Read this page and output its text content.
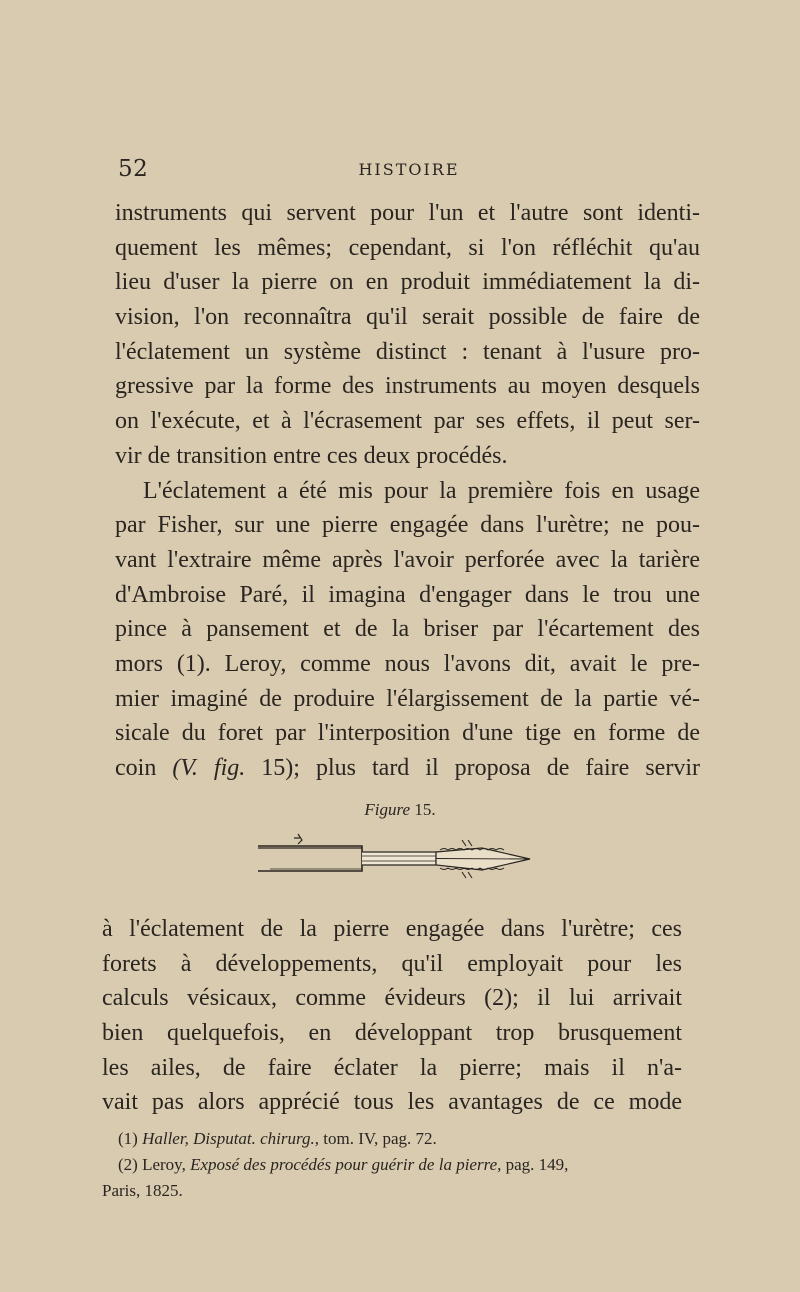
52	HISTOIRE
instruments qui servent pour l'un et l'autre sont identi-
quement les mêmes; cependant, si l'on réfléchit qu'au
lieu d'user la pierre on en produit immédiatement la di-
vision, l'on reconnaîtra qu'il serait possible de faire de
l'éclatement un système distinct : tenant à l'usure pro-
gressive par la forme des instruments au moyen desquels
on l'exécute, et à l'écrasement par ses effets, il peut ser-
vir de transition entre ces deux procédés.
L'éclatement a été mis pour la première fois en usage
par Fisher, sur une pierre engagée dans l'urètre; ne pou-
vant l'extraire même après l'avoir perforée avec la tarière
d'Ambroise Paré, il imagina d'engager dans le trou une
pince à pansement et de la briser par l'écartement des
mors (1). Leroy, comme nous l'avons dit, avait le pre-
mier imaginé de produire l'élargissement de la partie vé-
sicale du foret par l'interposition d'une tige en forme de
coin (V. fig. 15); plus tard il proposa de faire servir
Figure 15.
à l'éclatement de la pierre engagée dans l'urètre; ces
forets à développements, qu'il employait pour les
calculs vésicaux, comme évideurs (2); il lui arrivait
bien quelquefois, en développant trop brusquement
les ailes, de faire éclater la pierre; mais il n'a-
vait pas alors apprécié tous les avantages de ce mode
(1) Haller, Disputat. chirurg., tom. IV, pag. 72.
(2) Leroy, Exposé des procédés pour guérir de la pierre, pag. 149,
Paris, 1825.
